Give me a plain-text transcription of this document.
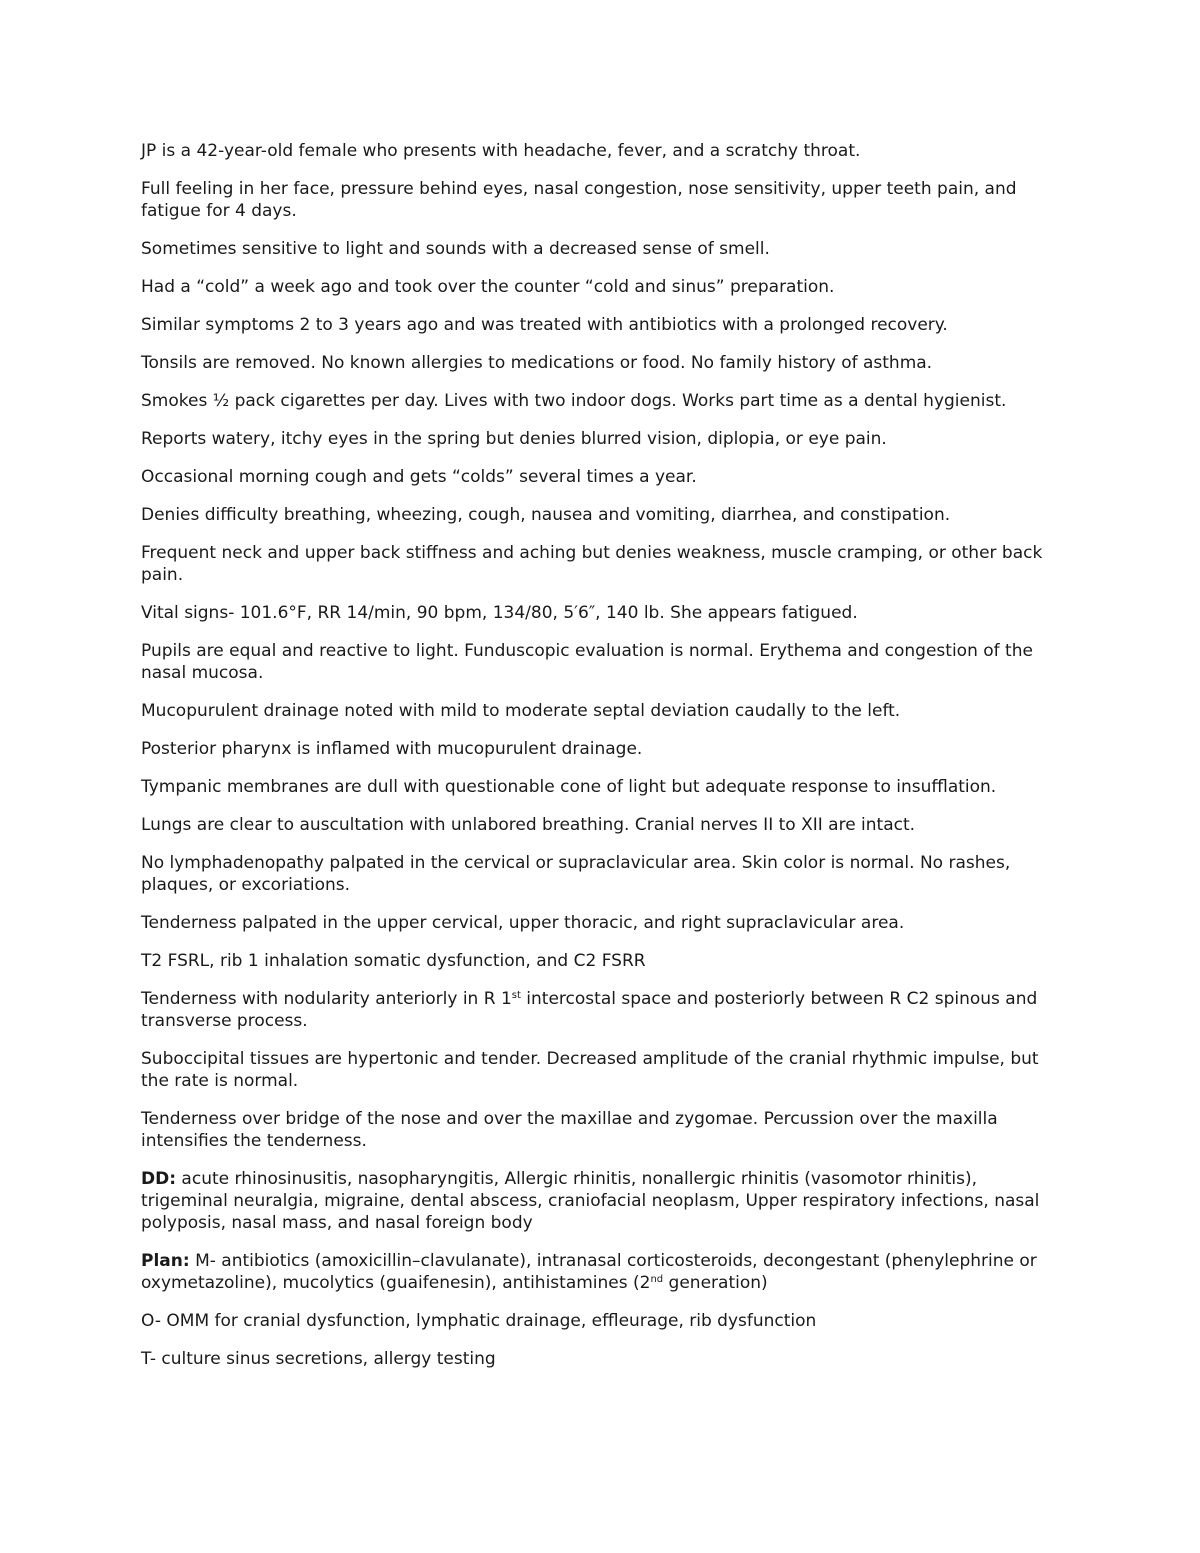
JP is a 42-year-old female who presents with headache, fever, and a scratchy throat.

Full feeling in her face, pressure behind eyes, nasal congestion, nose sensitivity, upper teeth pain, and fatigue for 4 days.

Sometimes sensitive to light and sounds with a decreased sense of smell.

Had a “cold” a week ago and took over the counter “cold and sinus” preparation.

Similar symptoms 2 to 3 years ago and was treated with antibiotics with a prolonged recovery.

Tonsils are removed. No known allergies to medications or food. No family history of asthma.

Smokes ½ pack cigarettes per day. Lives with two indoor dogs. Works part time as a dental hygienist.

Reports watery, itchy eyes in the spring but denies blurred vision, diplopia, or eye pain.

Occasional morning cough and gets “colds” several times a year.

Denies difficulty breathing, wheezing, cough, nausea and vomiting, diarrhea, and constipation.

Frequent neck and upper back stiffness and aching but denies weakness, muscle cramping, or other back pain.

Vital signs- 101.6°F, RR 14/min, 90 bpm, 134/80, 5′6″, 140 lb. She appears fatigued.

Pupils are equal and reactive to light. Funduscopic evaluation is normal. Erythema and congestion of the nasal mucosa.

Mucopurulent drainage noted with mild to moderate septal deviation caudally to the left.

Posterior pharynx is inflamed with mucopurulent drainage.

Tympanic membranes are dull with questionable cone of light but adequate response to insufflation.

Lungs are clear to auscultation with unlabored breathing. Cranial nerves II to XII are intact.

No lymphadenopathy palpated in the cervical or supraclavicular area. Skin color is normal. No rashes, plaques, or excoriations.

Tenderness palpated in the upper cervical, upper thoracic, and right supraclavicular area.

T2 FSRL, rib 1 inhalation somatic dysfunction, and C2 FSRR

Tenderness with nodularity anteriorly in R 1st intercostal space and posteriorly between R C2 spinous and transverse process.

Suboccipital tissues are hypertonic and tender. Decreased amplitude of the cranial rhythmic impulse, but the rate is normal.

Tenderness over bridge of the nose and over the maxillae and zygomae. Percussion over the maxilla intensifies the tenderness.

DD: acute rhinosinusitis, nasopharyngitis, Allergic rhinitis, nonallergic rhinitis (vasomotor rhinitis), trigeminal neuralgia, migraine, dental abscess, craniofacial neoplasm, Upper respiratory infections, nasal polyposis, nasal mass, and nasal foreign body

Plan: M- antibiotics (amoxicillin–clavulanate), intranasal corticosteroids, decongestant (phenylephrine or oxymetazoline), mucolytics (guaifenesin), antihistamines (2nd generation)

O- OMM for cranial dysfunction, lymphatic drainage, effleurage, rib dysfunction

T- culture sinus secretions, allergy testing
